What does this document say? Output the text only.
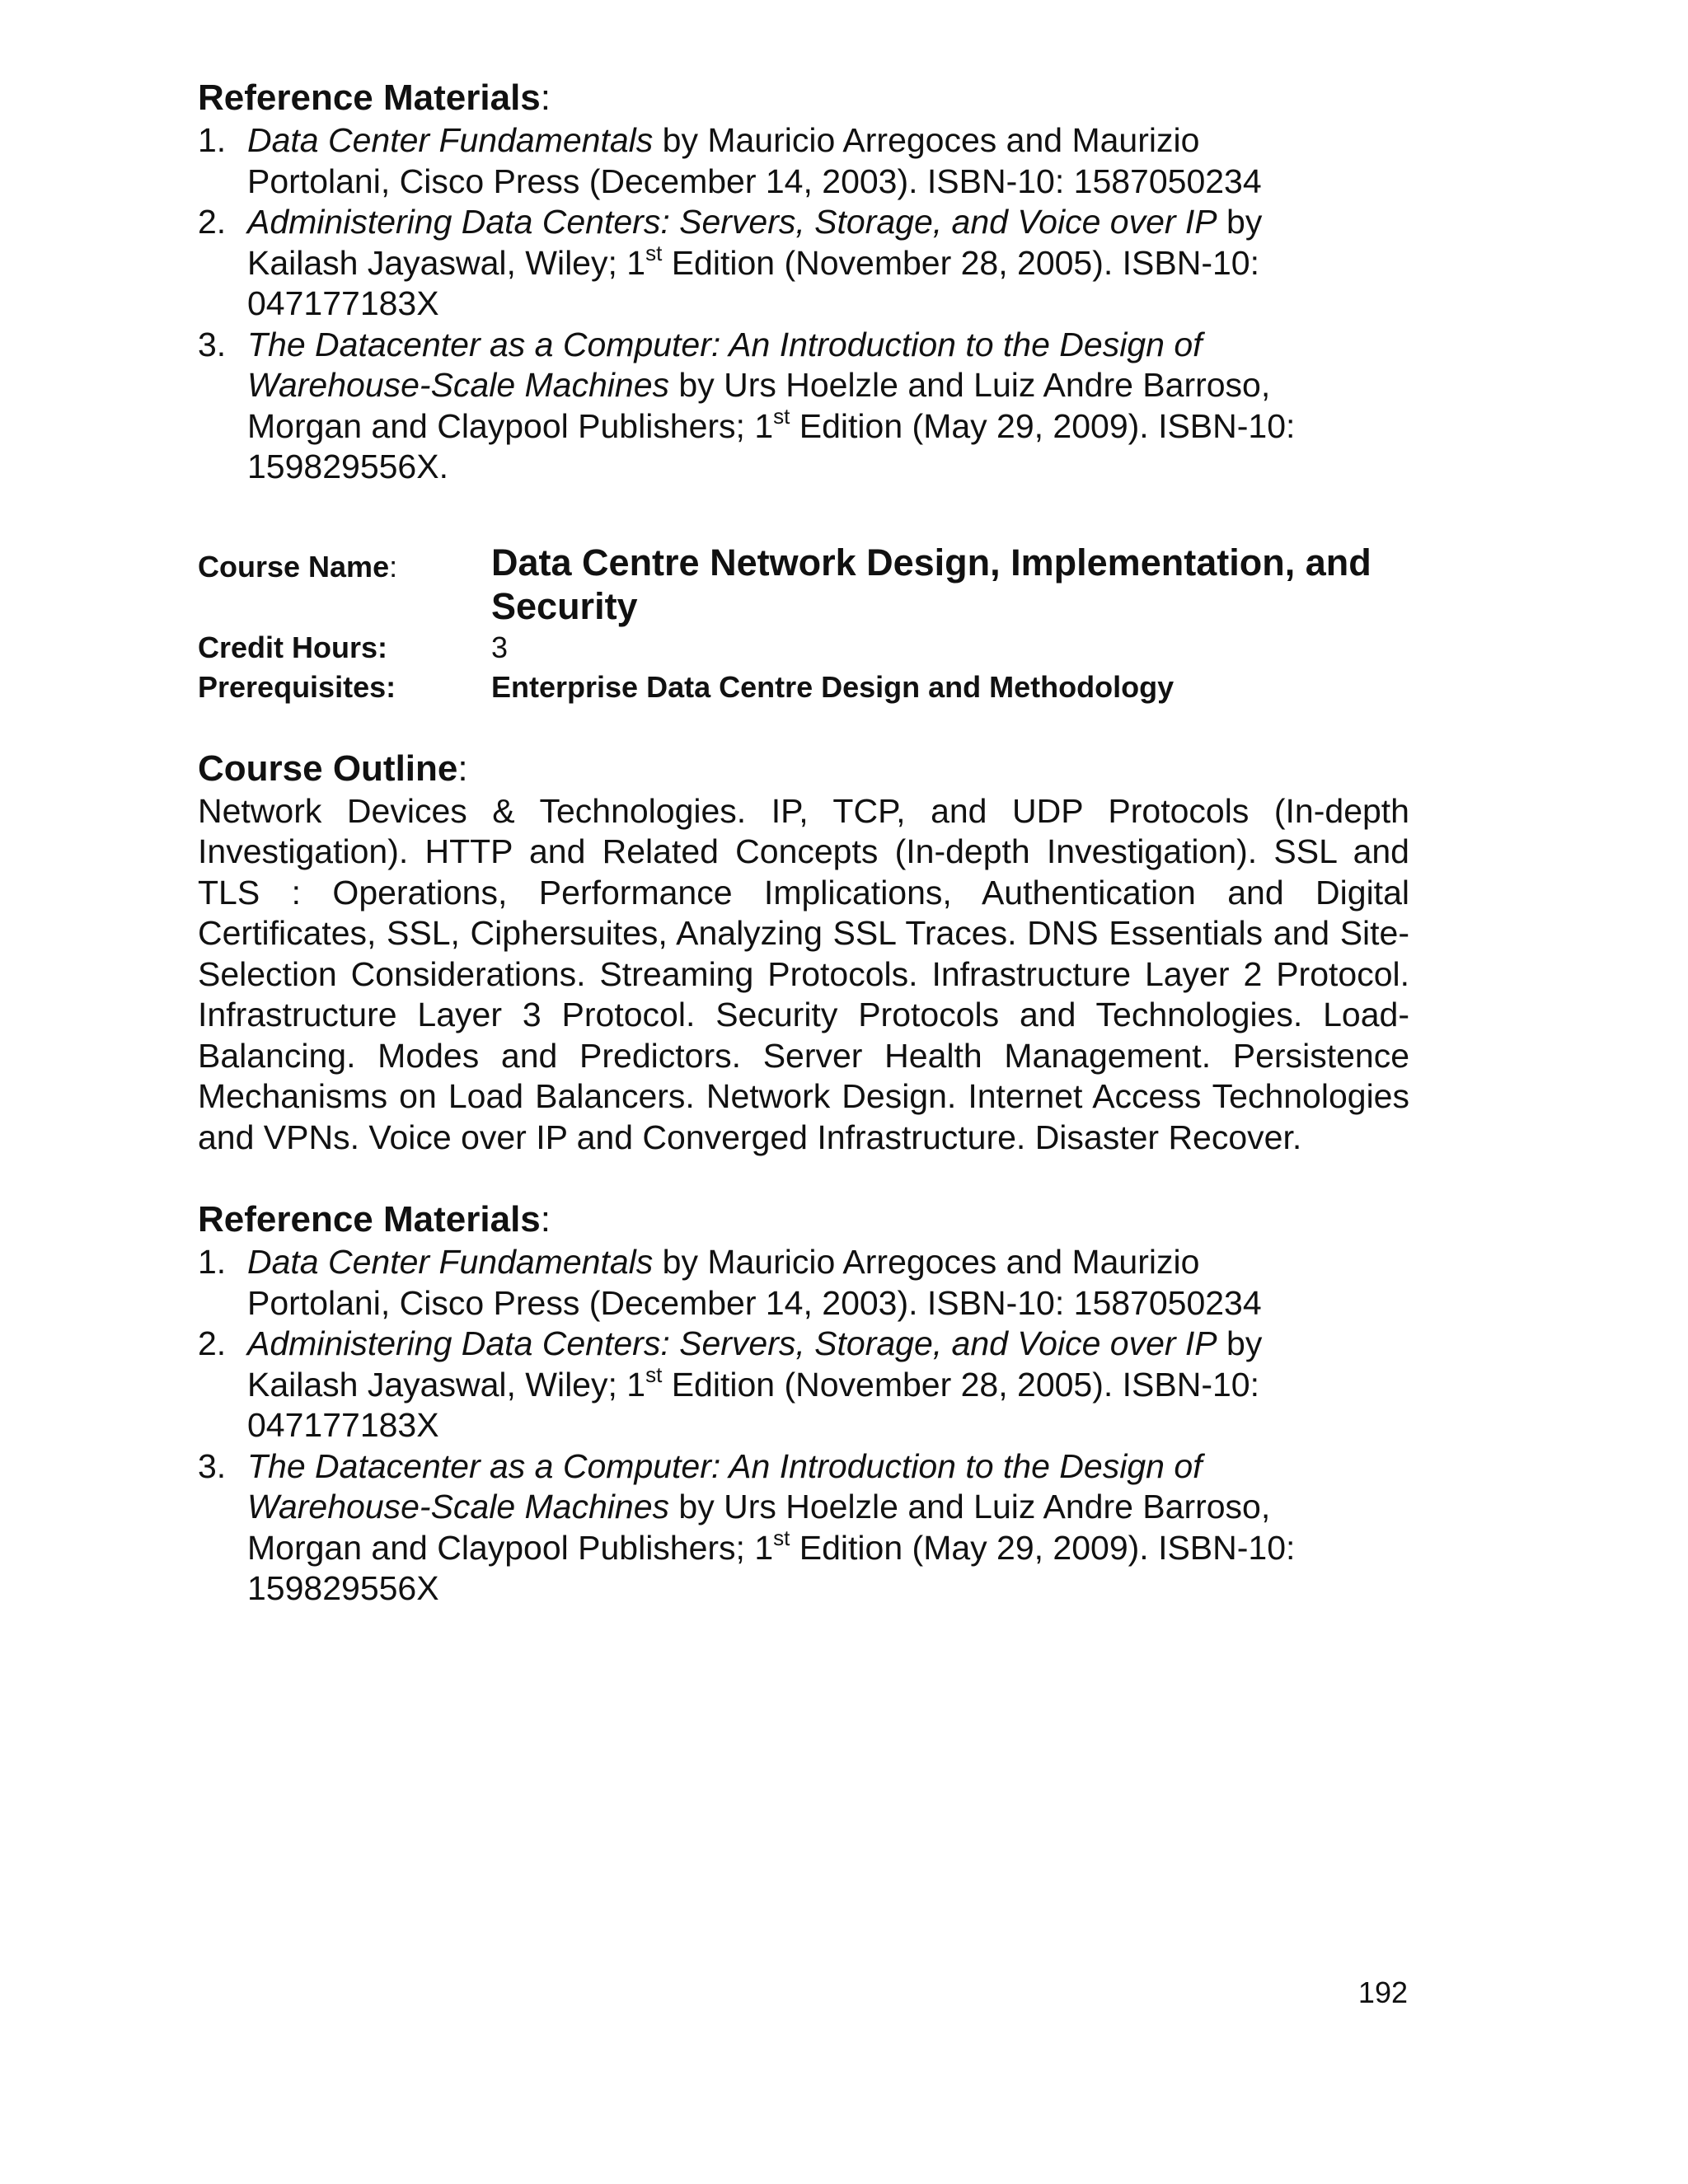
Reference Materials:
1. Data Center Fundamentals by Mauricio Arregoces and Maurizio
Portolani, Cisco Press (December 14, 2003). ISBN-10: 1587050234
2. Administering Data Centers: Servers, Storage, and Voice over IP by
Kailash Jayaswal, Wiley; 1st Edition (November 28, 2005). ISBN-10:
047177183X
3. The Datacenter as a Computer: An Introduction to the Design of
Warehouse-Scale Machines by Urs Hoelzle and Luiz Andre Barroso,
Morgan and Claypool Publishers; 1st Edition (May 29, 2009). ISBN-10:
159829556X.
Course Name:	Data Centre Network Design, Implementation, and Security
Credit Hours:	3
Prerequisites:	Enterprise Data Centre Design and Methodology
Course Outline:

Network Devices & Technologies. IP, TCP, and UDP Protocols (In-depth Investigation). HTTP and Related Concepts (In-depth Investigation). SSL and TLS : Operations, Performance Implications, Authentication and Digital Certificates, SSL, Ciphersuites, Analyzing SSL Traces. DNS Essentials and Site-Selection Considerations. Streaming Protocols. Infrastructure Layer 2 Protocol. Infrastructure Layer 3 Protocol. Security Protocols and Technologies. Load-Balancing. Modes and Predictors. Server Health Management. Persistence Mechanisms on Load Balancers. Network Design. Internet Access Technologies and VPNs. Voice over IP and Converged Infrastructure. Disaster Recover.

Reference Materials:
1. Data Center Fundamentals by Mauricio Arregoces and Maurizio
Portolani, Cisco Press (December 14, 2003). ISBN-10: 1587050234
2. Administering Data Centers: Servers, Storage, and Voice over IP by
Kailash Jayaswal, Wiley; 1st Edition (November 28, 2005). ISBN-10:
047177183X
3. The Datacenter as a Computer: An Introduction to the Design of
Warehouse-Scale Machines by Urs Hoelzle and Luiz Andre Barroso,
Morgan and Claypool Publishers; 1st Edition (May 29, 2009). ISBN-10:
159829556X
192
